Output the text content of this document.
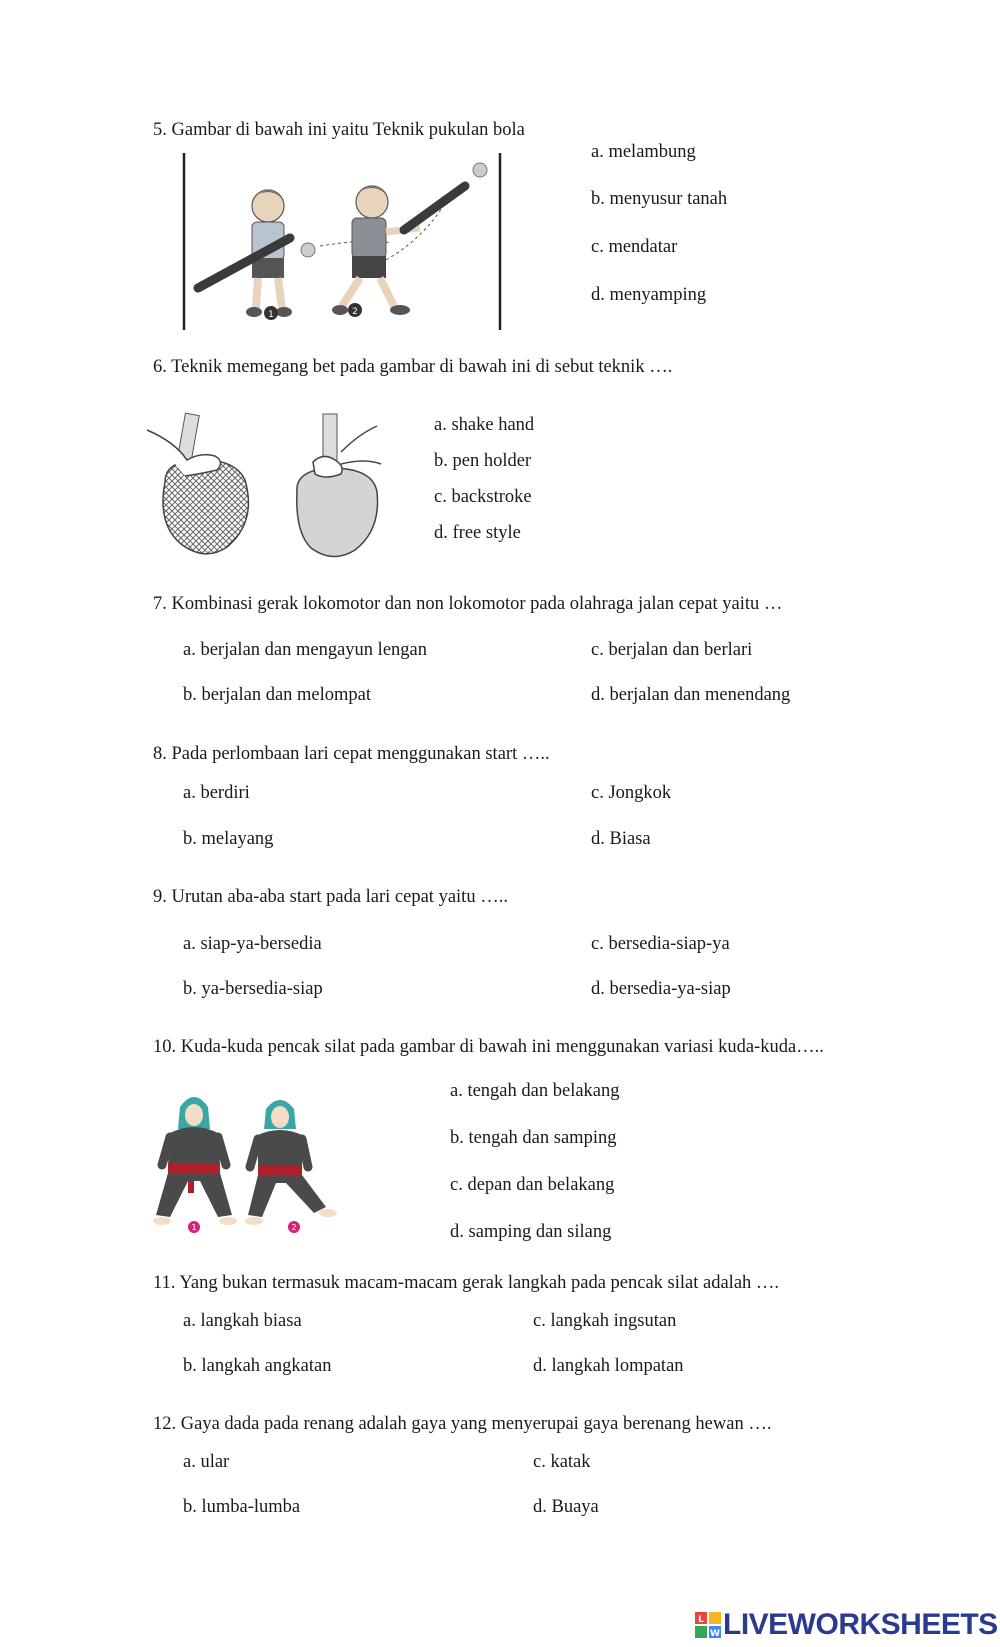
5. Gambar di bawah ini yaitu Teknik pukulan bola
1	2
a. melambung
b. menyusur tanah
c. mendatar
d. menyamping
6. Teknik memegang bet pada gambar di bawah ini di sebut teknik ….
a. shake hand
b. pen holder
c. backstroke
d. free style
7. Kombinasi gerak lokomotor dan non lokomotor pada olahraga jalan cepat yaitu …
a. berjalan dan mengayun lengan	c. berjalan dan berlari
b. berjalan dan melompat	d. berjalan dan menendang
8. Pada perlombaan lari cepat menggunakan start …..
a. berdiri	c. Jongkok
b. melayang	d. Biasa
9. Urutan aba-aba start pada lari cepat yaitu …..
a. siap-ya-bersedia	c. bersedia-siap-ya
b. ya-bersedia-siap	d. bersedia-ya-siap
10. Kuda-kuda pencak silat pada gambar di bawah ini menggunakan variasi kuda-kuda…..
1	2
a. tengah dan belakang
b. tengah dan samping
c. depan dan belakang
d. samping dan silang
11. Yang bukan termasuk macam-macam gerak langkah pada pencak silat adalah ….
a. langkah biasa	c. langkah ingsutan
b. langkah angkatan	d. langkah lompatan
12. Gaya dada pada renang adalah gaya yang menyerupai gaya berenang hewan ….
a. ular	c. katak
b. lumba-lumba	d. Buaya
L
W LIVEWORKSHEETS
